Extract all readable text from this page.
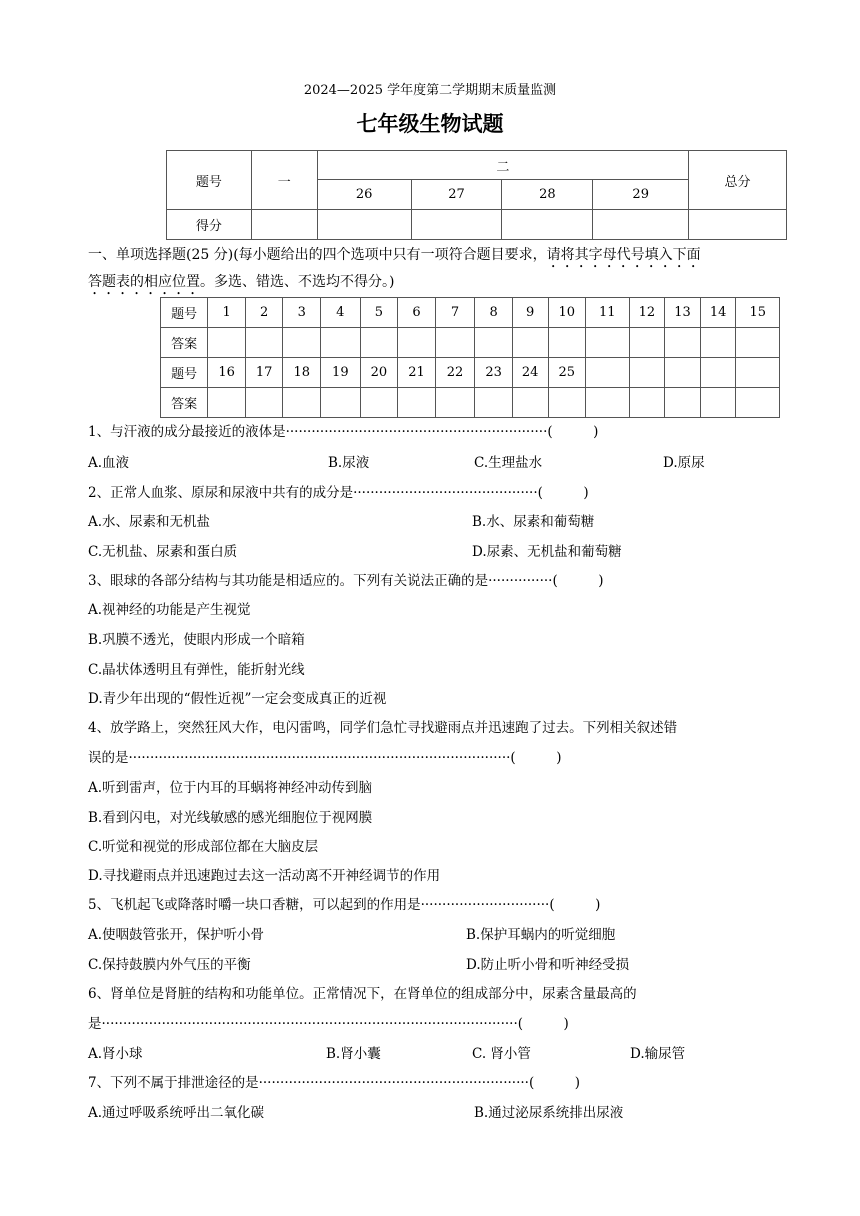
2024—2025 学年度第二学期期末质量监测
七年级生物试题
题号	一	二				总分
		26	27	28	29	
得分						
一、单项选择题(25 分)(每小题给出的四个选项中只有一项符合题目要求，请将其字母代号填入下面
答题表的相应位置。多选、错选、不选均不得分。)
题号	1	2	3	4	5	6	7	8	9	10	11	12	13	14	15
答案															
题号	16	17	18	19	20	21	22	23	24	25					
答案															
1、与汗液的成分最接近的液体是·····························································(　　　)
A.血液	B.尿液	C.生理盐水	D.原尿
2、正常人血浆、原尿和尿液中共有的成分是···········································(　　　)
A.水、尿素和无机盐	B.水、尿素和葡萄糖
C.无机盐、尿素和蛋白质	D.尿素、无机盐和葡萄糖
3、眼球的各部分结构与其功能是相适应的。下列有关说法正确的是···············(　　　)
A.视神经的功能是产生视觉
B.巩膜不透光，使眼内形成一个暗箱
C.晶状体透明且有弹性，能折射光线
D.青少年出现的“假性近视”一定会变成真正的近视
4、放学路上，突然狂风大作，电闪雷鸣，同学们急忙寻找避雨点并迅速跑了过去。下列相关叙述错
误的是·························································································(　　　)
A.听到雷声，位于内耳的耳蜗将神经冲动传到脑
B.看到闪电，对光线敏感的感光细胞位于视网膜
C.听觉和视觉的形成部位都在大脑皮层
D.寻找避雨点并迅速跑过去这一活动离不开神经调节的作用
5、飞机起飞或降落时嚼一块口香糖，可以起到的作用是······························(　　　)
A.使咽鼓管张开，保护听小骨	B.保护耳蜗内的听觉细胞
C.保持鼓膜内外气压的平衡	D.防止听小骨和听神经受损
6、肾单位是肾脏的结构和功能单位。正常情况下，在肾单位的组成部分中，尿素含量最高的
是·································································································(　　　)
A.肾小球	B.肾小囊	C. 肾小管	D.输尿管
7、下列不属于排泄途径的是·······························································(　　　)
A.通过呼吸系统呼出二氧化碳	B.通过泌尿系统排出尿液
